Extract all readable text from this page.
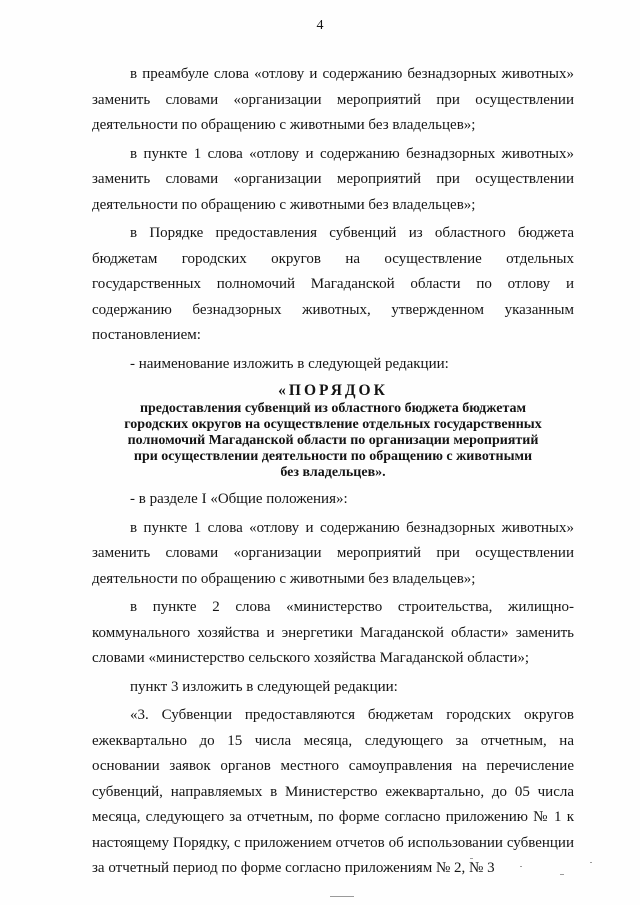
4

в преамбуле слова «отлову и содержанию безнадзорных животных» заменить словами «организации мероприятий при осуществлении деятельности по обращению с животными без владельцев»;

в пункте 1 слова «отлову и содержанию безнадзорных животных» заменить словами «организации мероприятий при осуществлении деятельности по обращению с животными без владельцев»;

в Порядке предоставления субвенций из областного бюджета бюджетам городских округов на осуществление отдельных государственных полномочий Магаданской области по отлову и содержанию безнадзорных животных, утвержденном указанным постановлением:

- наименование изложить в следующей редакции:

«ПОРЯДОК

предоставления субвенций из областного бюджета бюджетам

городских округов на осуществление отдельных государственных

полномочий Магаданской области по организации мероприятий

при осуществлении деятельности по обращению с животными

без владельцев».

- в разделе I «Общие положения»:

в пункте 1 слова «отлову и содержанию безнадзорных животных» заменить словами «организации мероприятий при осуществлении деятельности по обращению с животными без владельцев»;

в пункте 2 слова «министерство строительства, жилищно-коммунального хозяйства и энергетики Магаданской области» заменить словами «министерство сельского хозяйства Магаданской области»;

пункт 3 изложить в следующей редакции:

«3. Субвенции предоставляются бюджетам городских округов ежеквартально до 15 числа месяца, следующего за отчетным, на основании заявок органов местного самоуправления на перечисление субвенций, направляемых в Министерство ежеквартально, до 05 числа месяца, следующего за отчетным, по форме согласно приложению № 1 к настоящему Порядку, с приложением отчетов об использовании субвенции за отчетный период по форме согласно приложениям № 2, № 3
